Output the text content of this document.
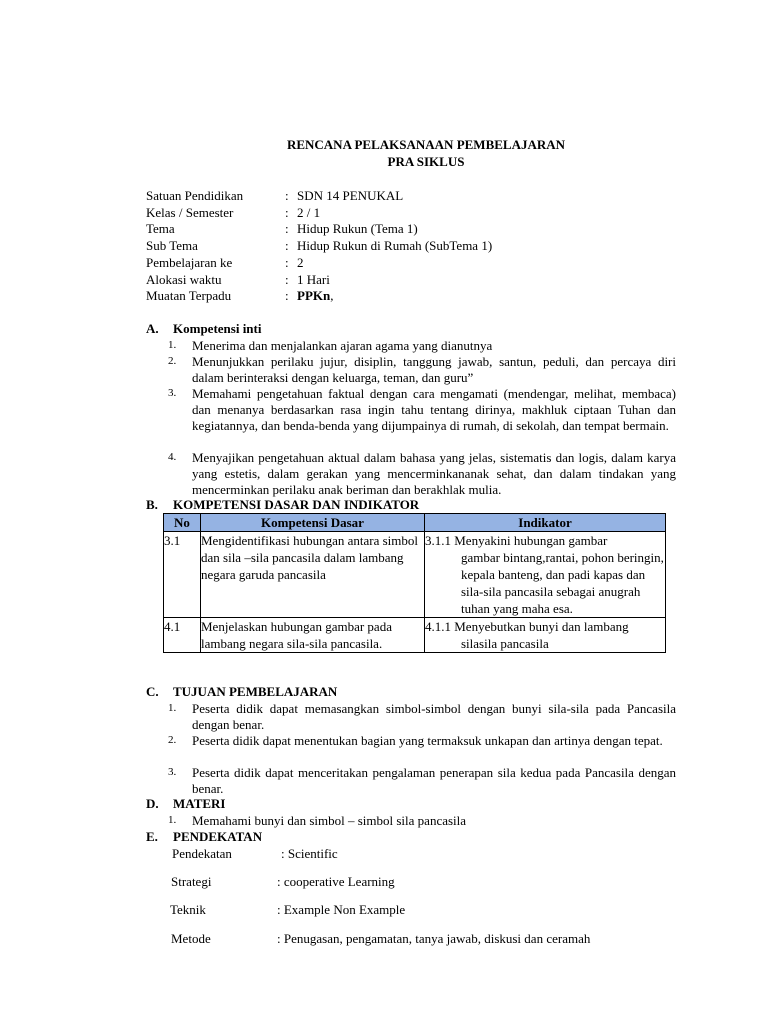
RENCANA PELAKSANAAN PEMBELAJARAN
PRA SIKLUS
Satuan Pendidikan	: SDN 14 PENUKAL
Kelas / Semester	: 2 / 1
Tema	: Hidup Rukun (Tema 1)
Sub Tema	: Hidup Rukun di Rumah (SubTema 1)
Pembelajaran ke	: 2
Alokasi waktu	: 1 Hari
Muatan Terpadu	: PPKn,
A. Kompetensi inti
1. Menerima dan menjalankan ajaran agama yang dianutnya
2. Menunjukkan perilaku jujur, disiplin, tanggung jawab, santun, peduli, dan percaya diri dalam berinteraksi dengan keluarga, teman, dan guru”
3. Memahami pengetahuan faktual dengan cara mengamati (mendengar, melihat, membaca) dan menanya berdasarkan rasa ingin tahu tentang dirinya, makhluk ciptaan Tuhan dan kegiatannya, dan benda-benda yang dijumpainya di rumah, di sekolah, dan tempat bermain.
4. Menyajikan pengetahuan aktual dalam bahasa yang jelas, sistematis dan logis, dalam karya yang estetis, dalam gerakan yang mencerminkananak sehat, dan dalam tindakan yang mencerminkan perilaku anak beriman dan berakhlak mulia.
B. KOMPETENSI DASAR DAN INDIKATOR
No	Kompetensi Dasar	Indikator
3.1	Mengidentifikasi hubungan antara simbol dan sila –sila pancasila dalam lambang negara garuda pancasila	3.1.1 Menyakini hubungan gambar
gambar bintang,rantai, pohon beringin, kepala banteng, dan padi kapas dan sila-sila pancasila sebagai anugrah tuhan yang maha esa.

4.1	Menjelaskan hubungan gambar pada lambang negara sila-sila pancasila.	4.1.1 Menyebutkan bunyi dan lambang
silasila pancasila
C. TUJUAN PEMBELAJARAN
1. Peserta didik dapat memasangkan simbol-simbol dengan bunyi sila-sila pada Pancasila dengan benar.
2. Peserta didik dapat menentukan bagian yang termaksuk unkapan dan artinya dengan tepat.
3. Peserta didik dapat menceritakan pengalaman penerapan sila kedua pada Pancasila dengan benar.
D. MATERI
1. Memahami bunyi dan simbol – simbol sila pancasila
E. PENDEKATAN
Pendekatan	: Scientific
Strategi	: cooperative Learning
Teknik	: Example Non Example
Metode	: Penugasan, pengamatan, tanya jawab, diskusi dan ceramah
